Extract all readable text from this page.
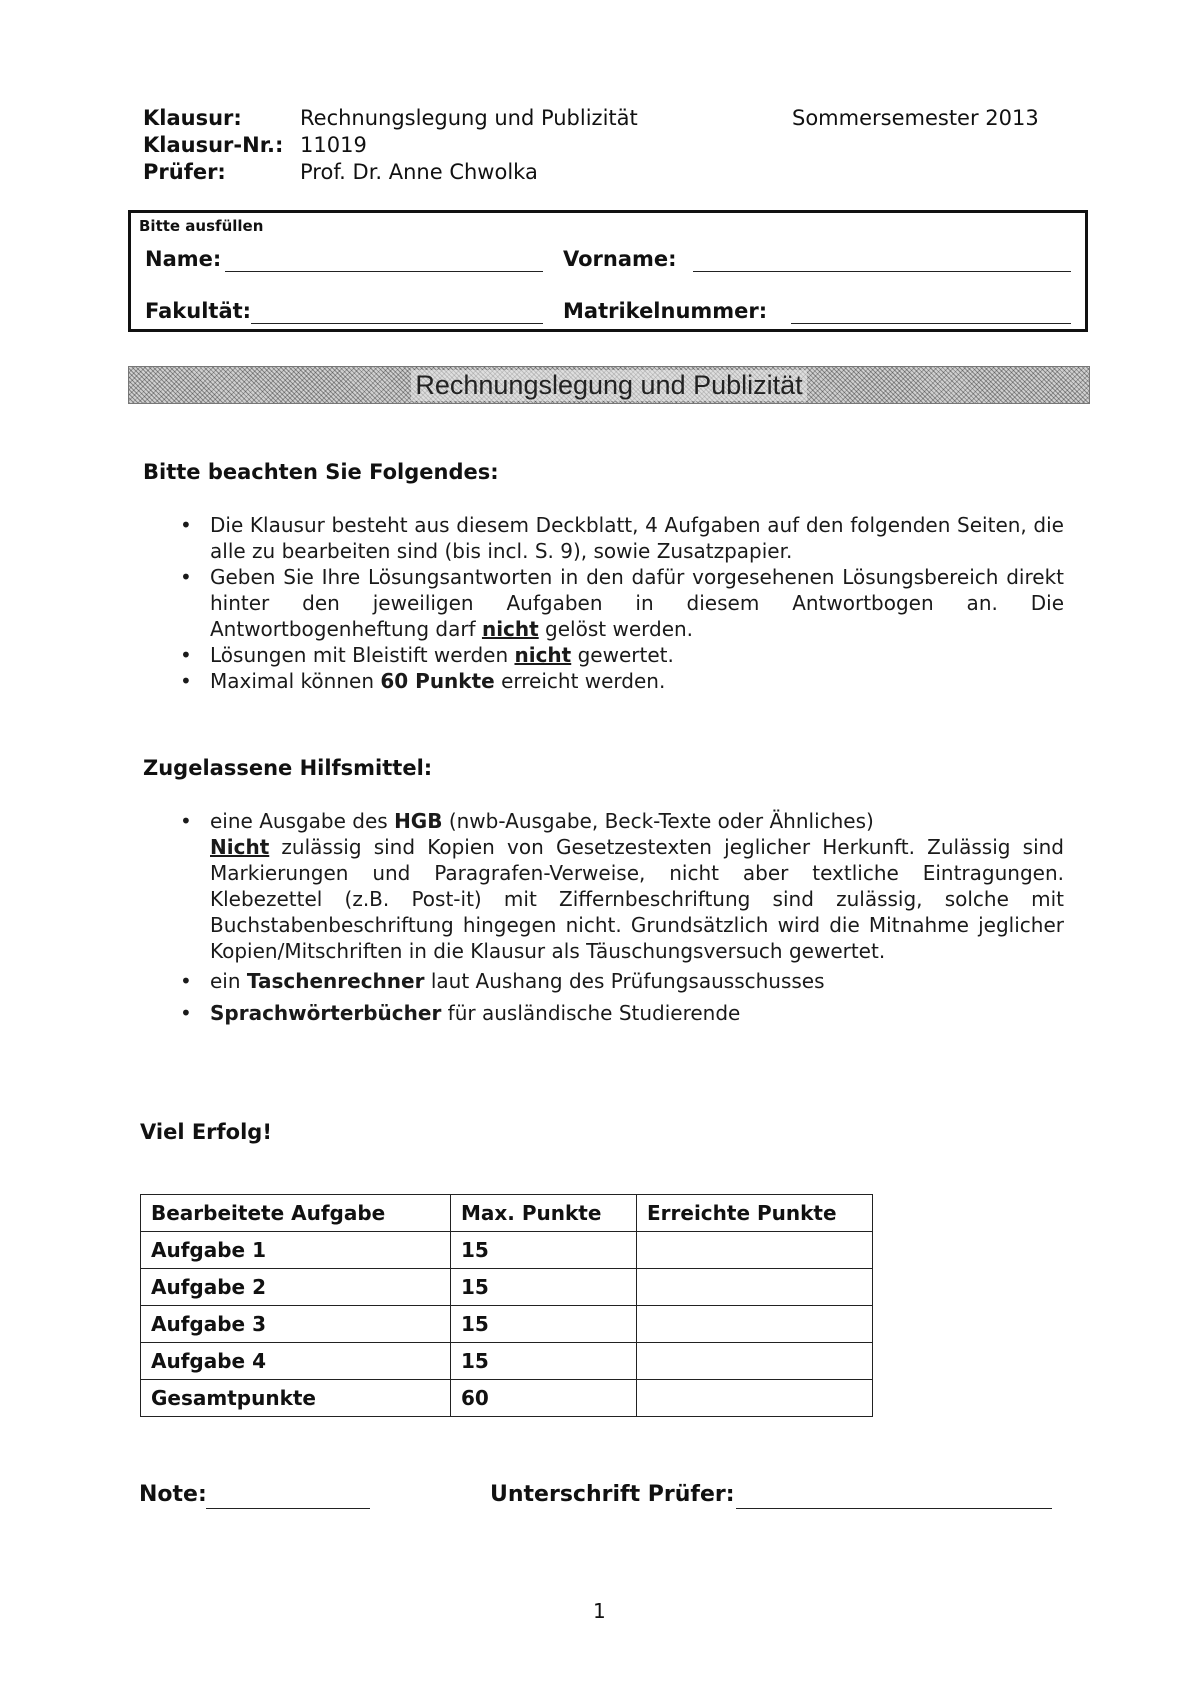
Klausur:	Rechnungslegung und Publizität	Sommersemester 2013
Klausur-Nr.: 11019
Prüfer:	Prof. Dr. Anne Chwolka
Bitte ausfüllen
Name:	Vorname:
Fakultät:	Matrikelnummer:
Rechnungslegung und Publizität
Bitte beachten Sie Folgendes:
• Die Klausur besteht aus diesem Deckblatt, 4 Aufgaben auf den folgenden Seiten, die alle zu bearbeiten sind (bis incl. S. 9), sowie Zusatzpapier.
• Geben Sie Ihre Lösungsantworten in den dafür vorgesehenen Lösungsbereich direkt hinter den jeweiligen Aufgaben in diesem Antwortbogen an. Die Antwortbogenheftung darf nicht gelöst werden.
• Lösungen mit Bleistift werden nicht gewertet.
• Maximal können 60 Punkte erreicht werden.
Zugelassene Hilfsmittel:
• eine Ausgabe des HGB (nwb-Ausgabe, Beck-Texte oder Ähnliches)
Nicht zulässig sind Kopien von Gesetzestexten jeglicher Herkunft. Zulässig sind Markierungen und Paragrafen-Verweise, nicht aber textliche Eintragungen. Klebezettel (z.B. Post-it) mit Ziffernbeschriftung sind zulässig, solche mit Buchstabenbeschriftung hingegen nicht. Grundsätzlich wird die Mitnahme jeglicher Kopien/Mitschriften in die Klausur als Täuschungsversuch gewertet.
• ein Taschenrechner laut Aushang des Prüfungsausschusses
• Sprachwörterbücher für ausländische Studierende
Viel Erfolg!
Bearbeitete Aufgabe	Max. Punkte	Erreichte Punkte
Aufgabe 1	15	
Aufgabe 2	15	
Aufgabe 3	15	
Aufgabe 4	15	
Gesamtpunkte	60	
Note:	Unterschrift Prüfer:
1
